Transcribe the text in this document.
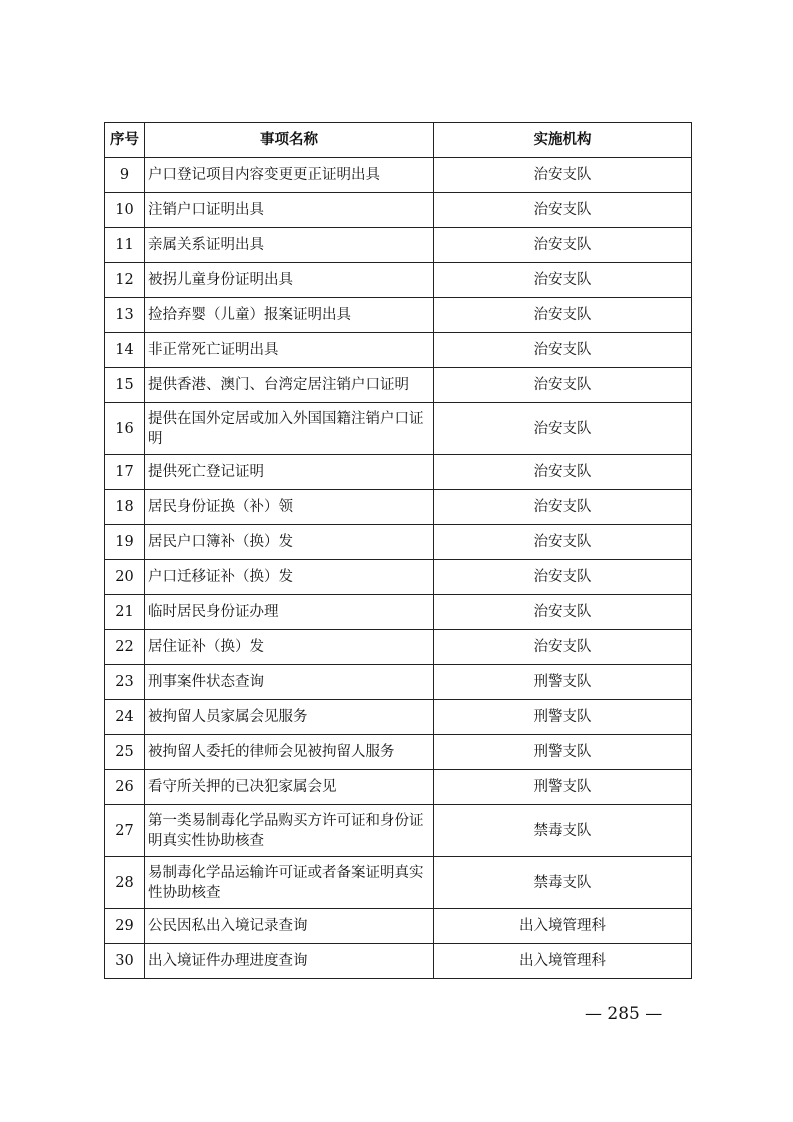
序号	事项名称	实施机构
9	户口登记项目内容变更更正证明出具	治安支队
10	注销户口证明出具	治安支队
11	亲属关系证明出具	治安支队
12	被拐儿童身份证明出具	治安支队
13	捡拾弃婴（儿童）报案证明出具	治安支队
14	非正常死亡证明出具	治安支队
15	提供香港、澳门、台湾定居注销户口证明	治安支队
16	提供在国外定居或加入外国国籍注销户口证明	治安支队
17	提供死亡登记证明	治安支队
18	居民身份证换（补）领	治安支队
19	居民户口簿补（换）发	治安支队
20	户口迁移证补（换）发	治安支队
21	临时居民身份证办理	治安支队
22	居住证补（换）发	治安支队
23	刑事案件状态查询	刑警支队
24	被拘留人员家属会见服务	刑警支队
25	被拘留人委托的律师会见被拘留人服务	刑警支队
26	看守所关押的已决犯家属会见	刑警支队
27	第一类易制毒化学品购买方许可证和身份证明真实性协助核查	禁毒支队
28	易制毒化学品运输许可证或者备案证明真实性协助核查	禁毒支队
29	公民因私出入境记录查询	出入境管理科
30	出入境证件办理进度查询	出入境管理科
— 285 —
